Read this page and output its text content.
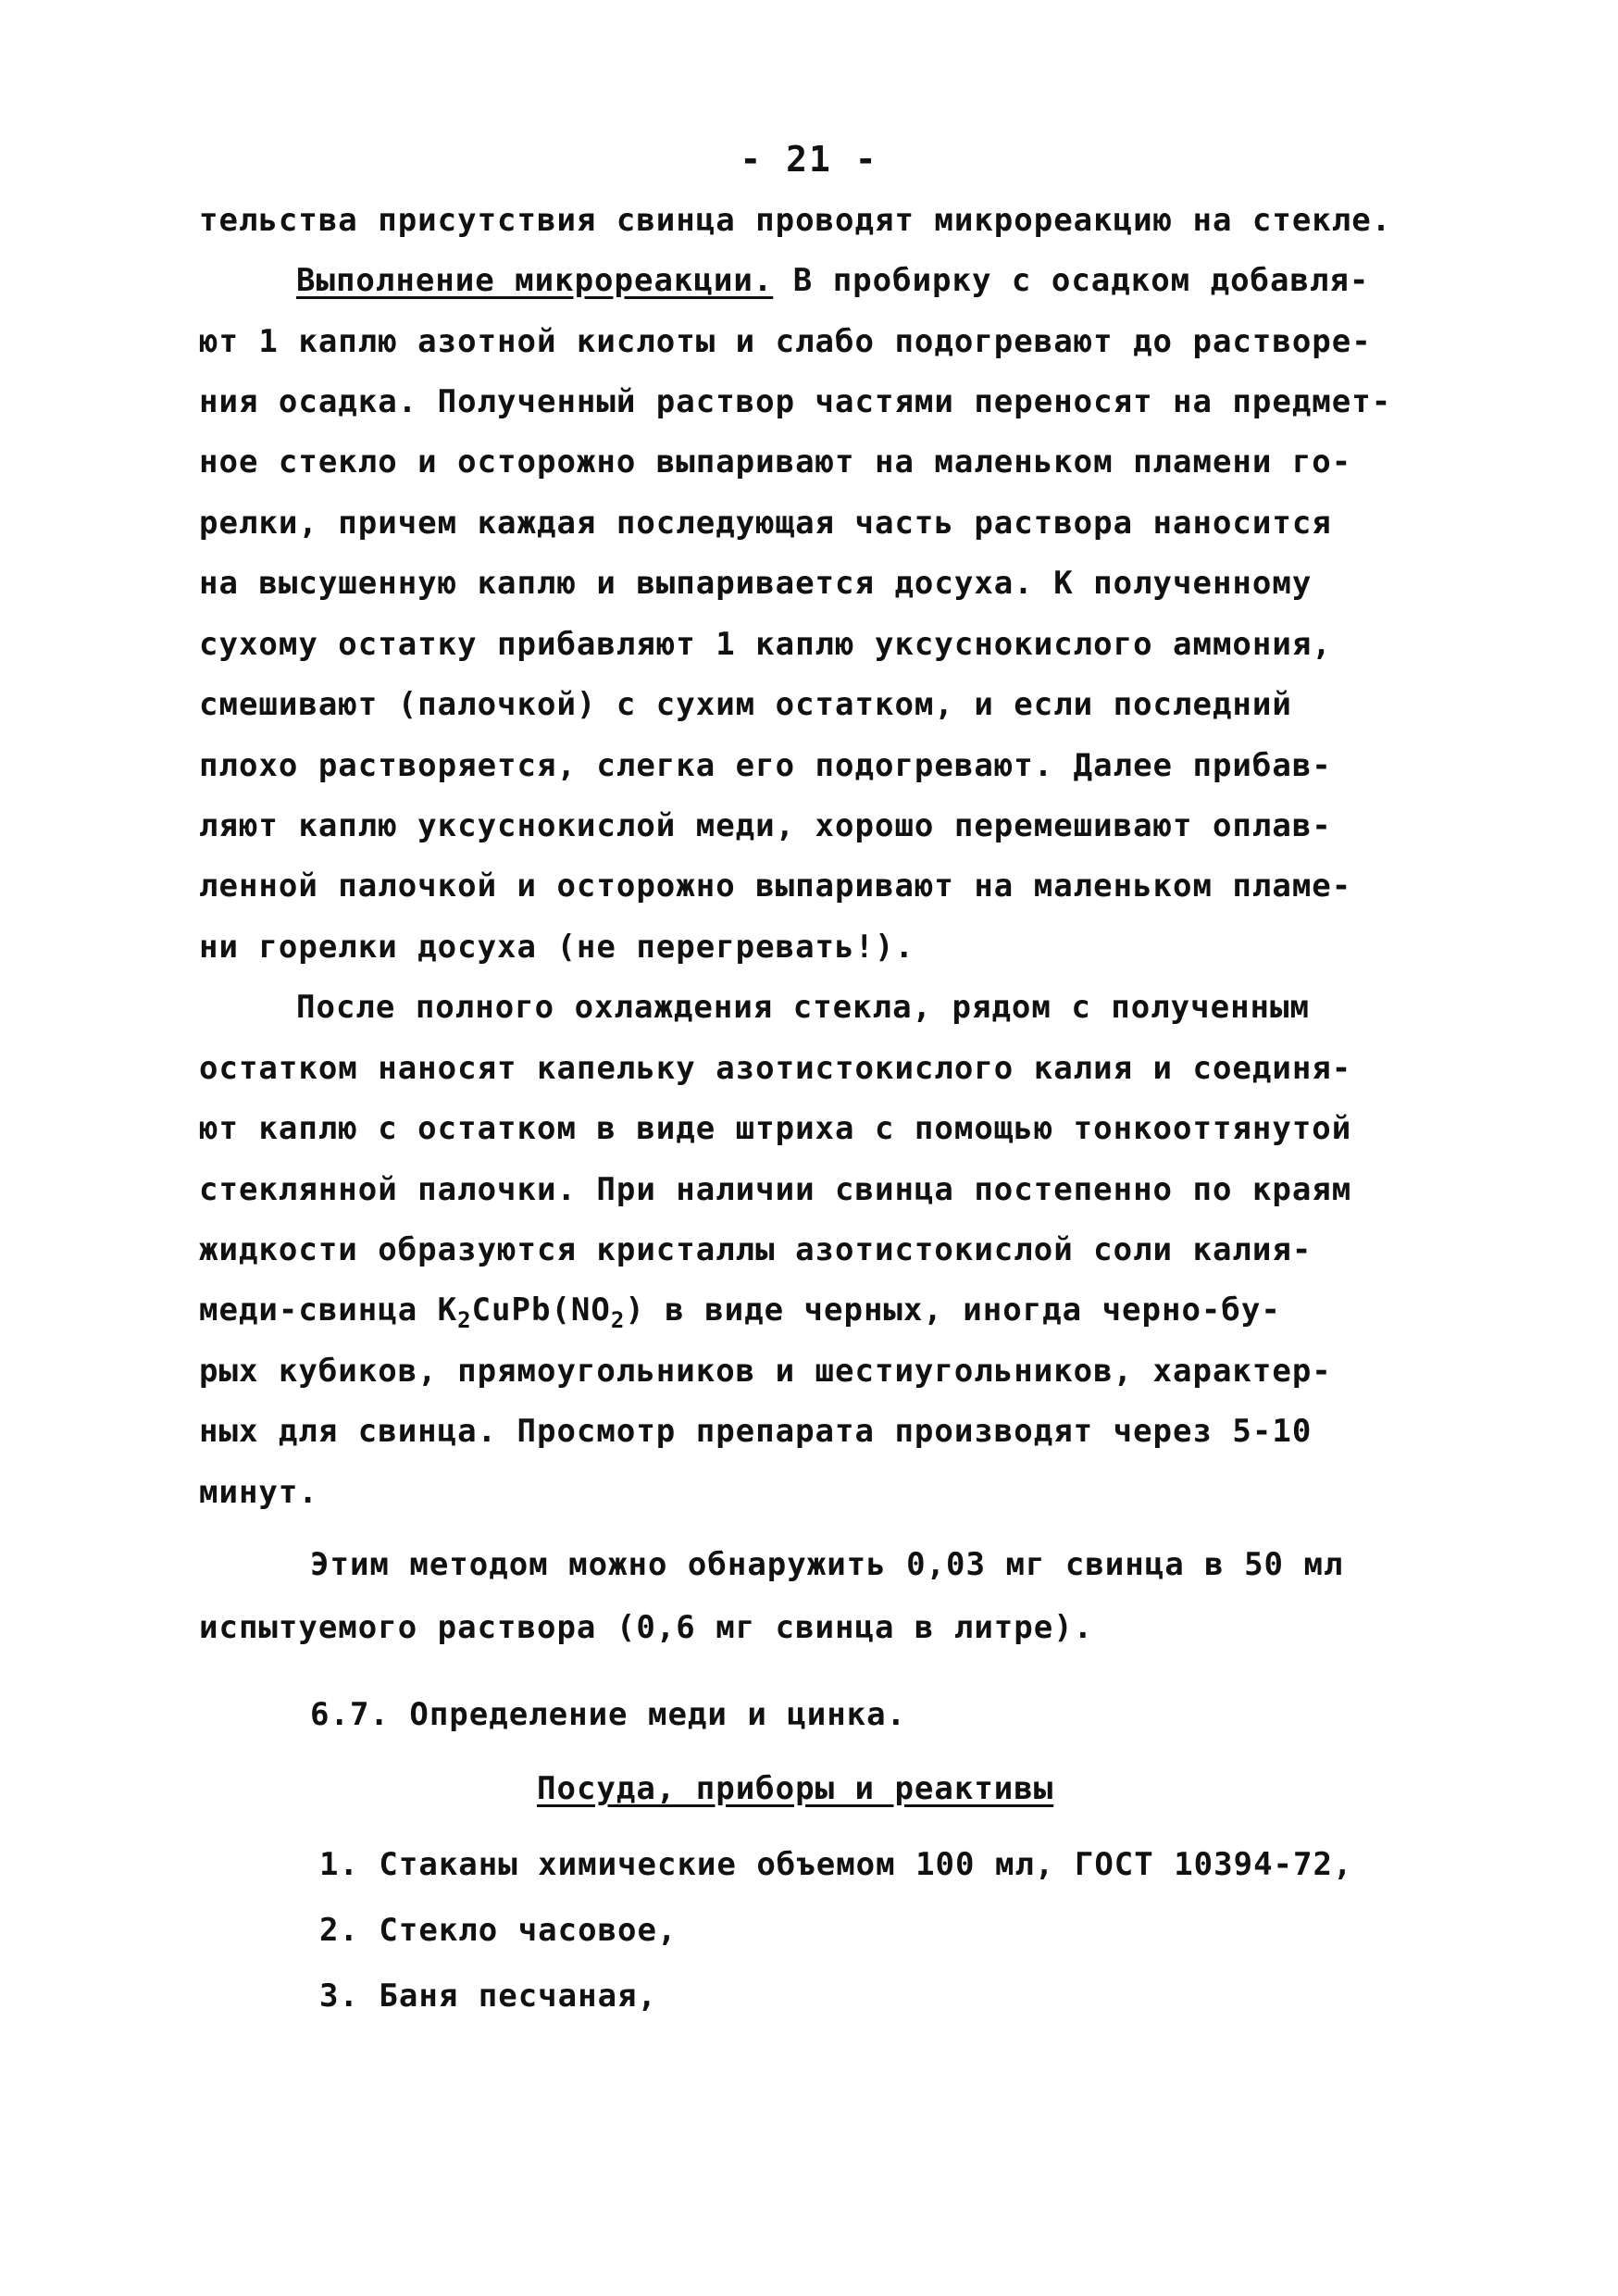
- 21 -
тельства присутствия свинца проводят микрореакцию на стекле.
Выполнение микрореакции. В пробирку с осадком добавля-
ют 1 каплю азотной кислоты и слабо подогревают до растворе-
ния осадка. Полученный раствор частями переносят на предмет-
ное стекло и осторожно выпаривают на маленьком пламени го-
релки, причем каждая последующая часть раствора наносится
на высушенную каплю и выпаривается досуха. К полученному
сухому остатку прибавляют 1 каплю уксуснокислого аммония,
смешивают (палочкой) с сухим остатком, и если последний
плохо растворяется, слегка его подогревают. Далее прибав-
ляют каплю уксуснокислой меди, хорошо перемешивают оплав-
ленной палочкой и осторожно выпаривают на маленьком пламе-
ни горелки досуха (не перегревать!).
После полного охлаждения стекла, рядом с полученным
остатком наносят капельку азотистокислого калия и соединя-
ют каплю с остатком в виде штриха с помощью тонкооттянутой
стеклянной палочки. При наличии свинца постепенно по краям
жидкости образуются кристаллы азотистокислой соли калия-
меди-свинца $K_2CuPb(NO_2)$ в виде черных, иногда черно-бу-
рых кубиков, прямоугольников и шестиугольников, характер-
ных для свинца. Просмотр препарата производят через 5-10
минут.
Этим методом можно обнаружить 0,03 мг свинца в 50 мл
испытуемого раствора (0,6 мг свинца в литре).
6.7. Определение меди и цинка.
Посуда, приборы и реактивы
1. Стаканы химические объемом 100 мл, ГОСТ 10394-72,
2. Стекло часовое,
3. Баня песчаная,
